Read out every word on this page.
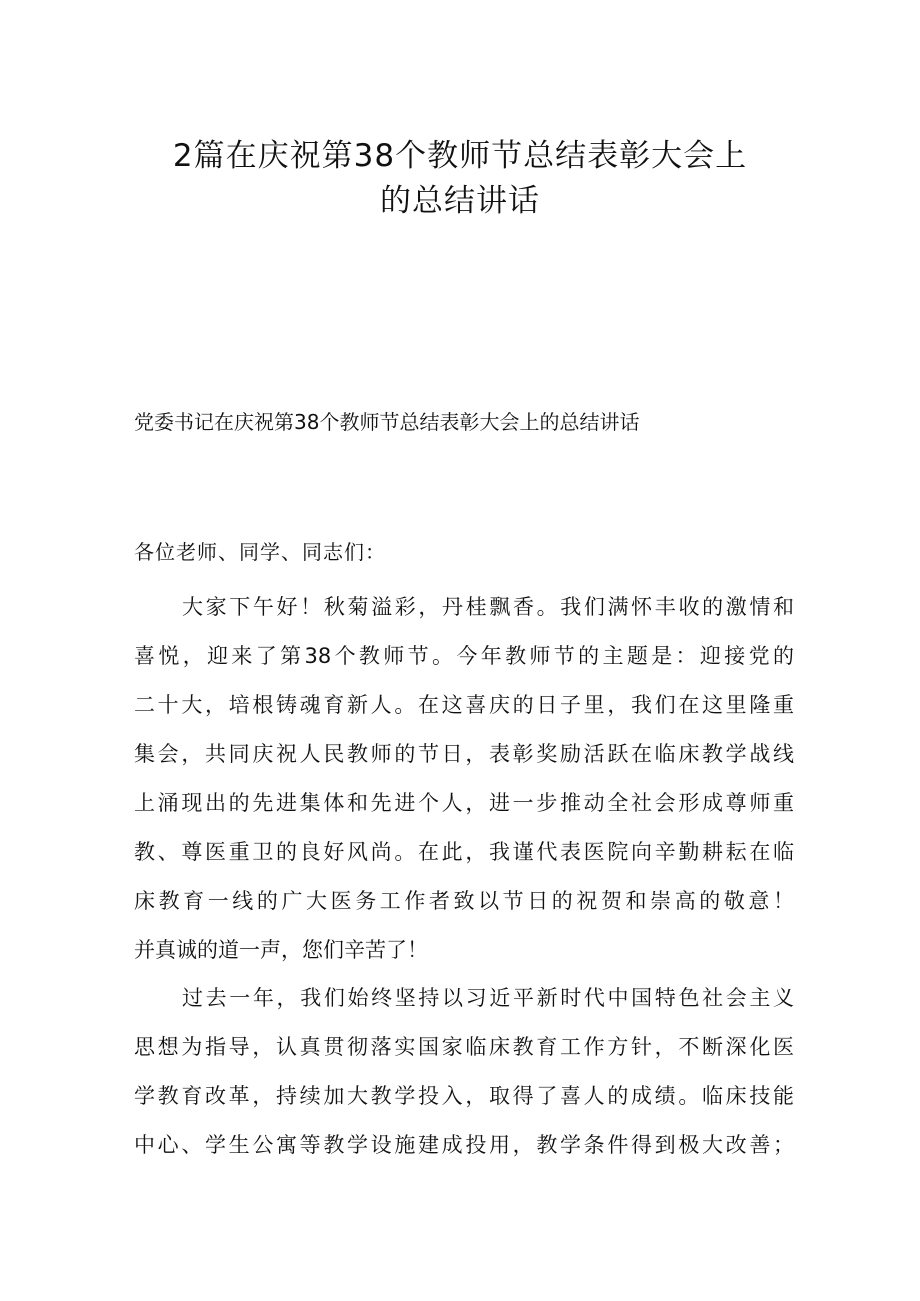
2篇在庆祝第38个教师节总结表彰大会上
的总结讲话
党委书记在庆祝第38个教师节总结表彰大会上的总结讲话
各位老师、同学、同志们：
大家下午好！秋菊溢彩，丹桂飘香。我们满怀丰收的激情和
喜悦，迎来了第38个教师节。今年教师节的主题是：迎接党的
二十大，培根铸魂育新人。在这喜庆的日子里，我们在这里隆重
集会，共同庆祝人民教师的节日，表彰奖励活跃在临床教学战线
上涌现出的先进集体和先进个人，进一步推动全社会形成尊师重
教、尊医重卫的良好风尚。在此，我谨代表医院向辛勤耕耘在临
床教育一线的广大医务工作者致以节日的祝贺和崇高的敬意！
并真诚的道一声，您们辛苦了！
过去一年，我们始终坚持以习近平新时代中国特色社会主义
思想为指导，认真贯彻落实国家临床教育工作方针，不断深化医
学教育改革，持续加大教学投入，取得了喜人的成绩。临床技能
中心、学生公寓等教学设施建成投用，教学条件得到极大改善；
